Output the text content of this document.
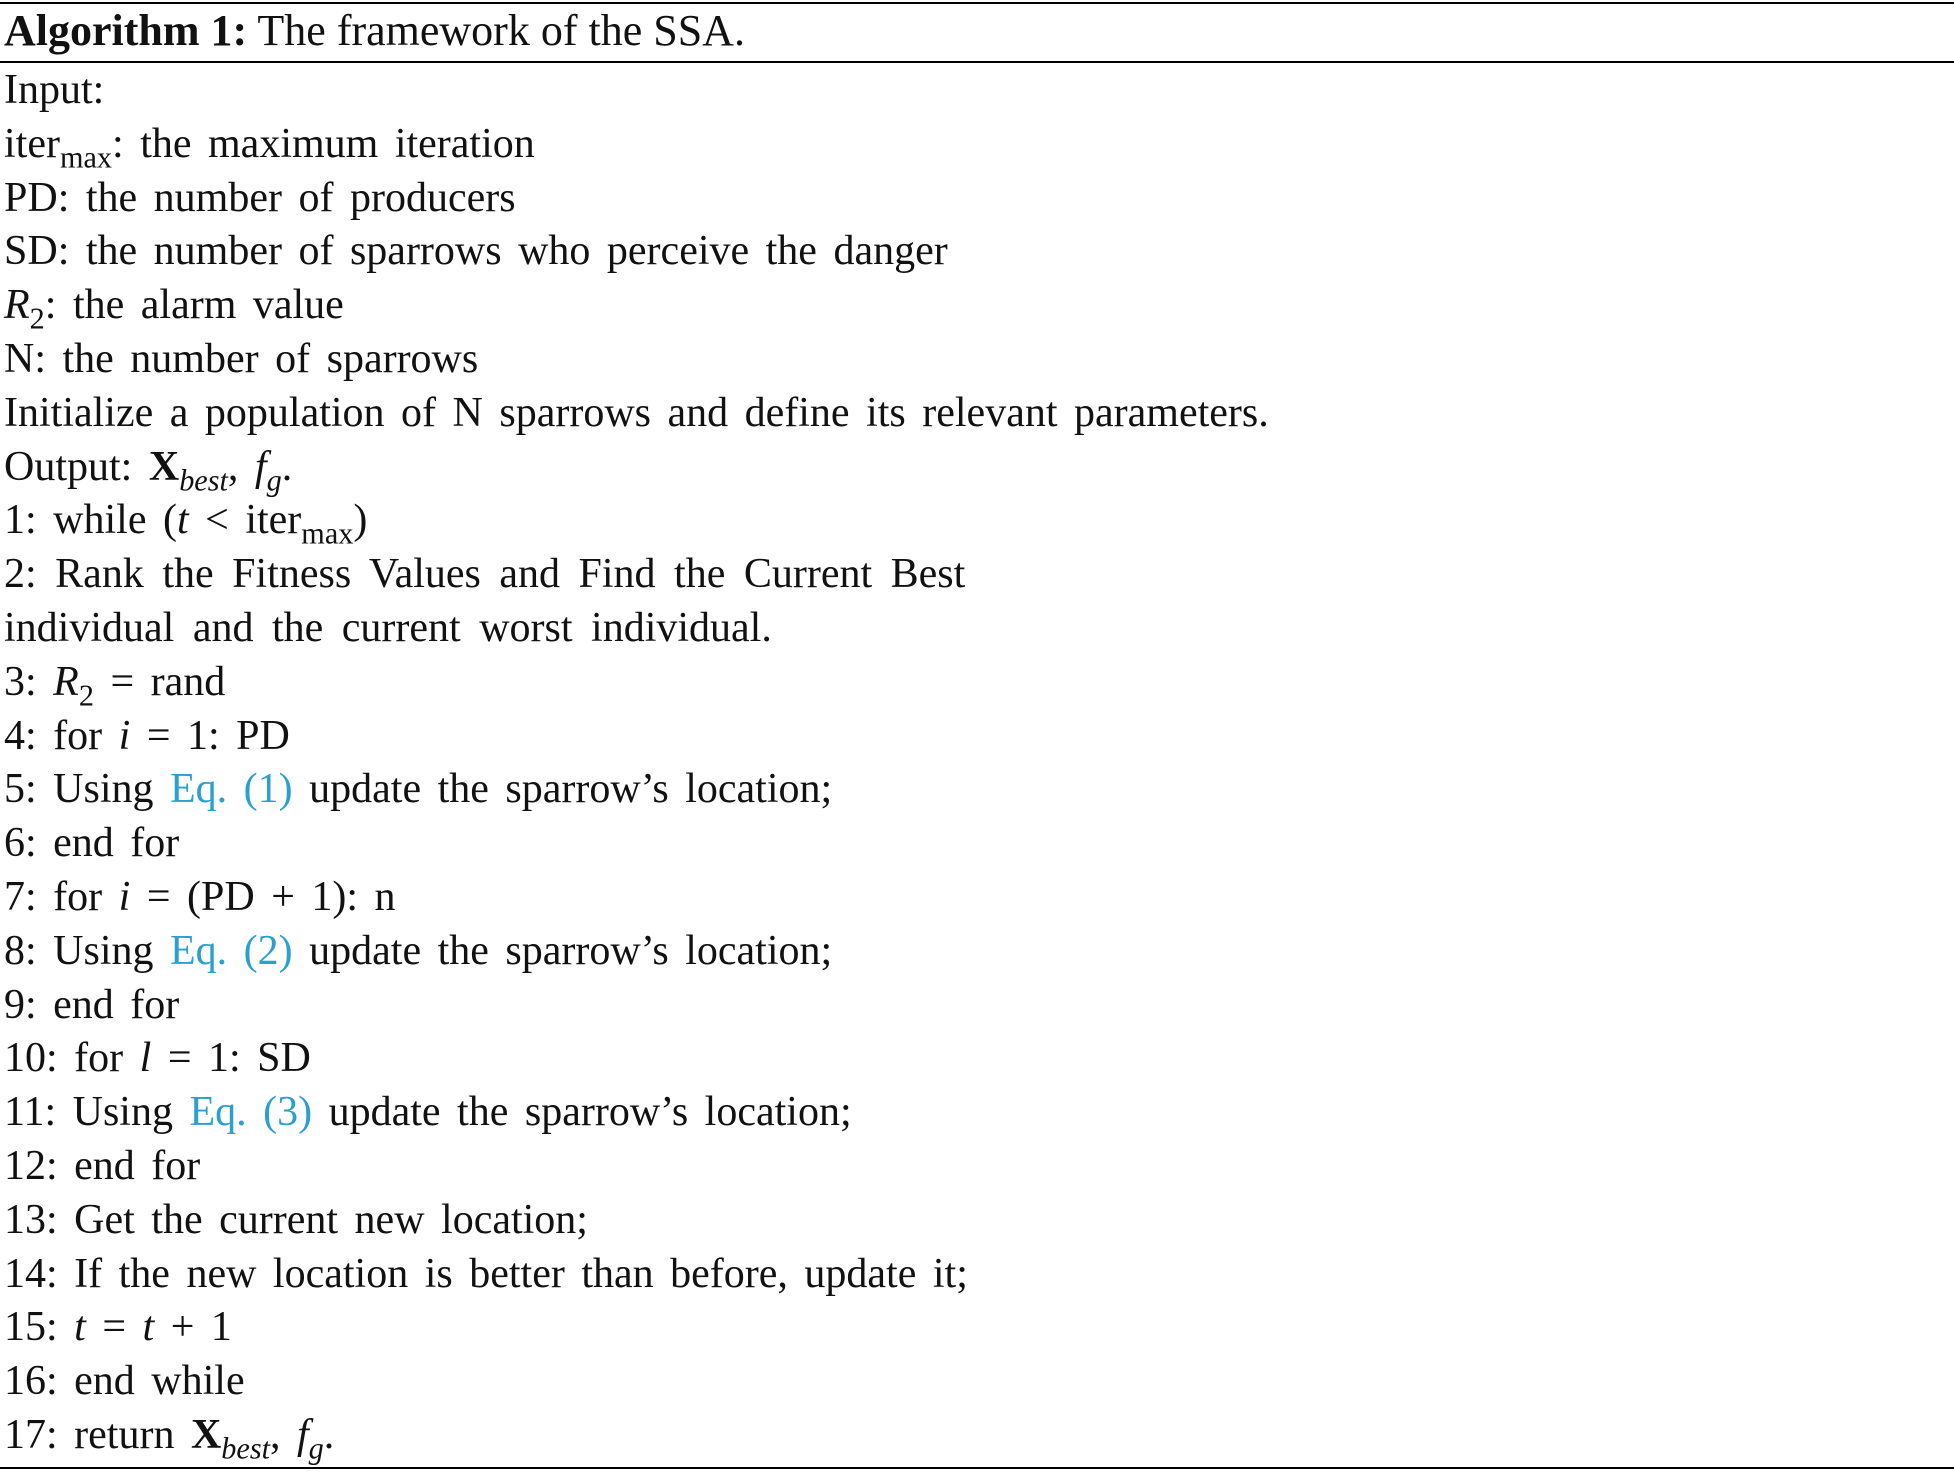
Algorithm 1: The framework of the SSA.
Input:
iter$_{max}$: the maximum iteration
PD: the number of producers
SD: the number of sparrows who perceive the danger
$R_2$: the alarm value
N: the number of sparrows
Initialize a population of N sparrows and define its relevant parameters.
Output: $X_{best}$, $f_g$.
1: while (t < iter$_{max}$)
2: Rank the Fitness Values and Find the Current Best individual and the current worst individual.
3: $R_2$ = rand
4: for i = 1: PD
5: Using Eq. (1) update the sparrow’s location;
6: end for
7: for i = (PD + 1): n
8: Using Eq. (2) update the sparrow’s location;
9: end for
10: for l = 1: SD
11: Using Eq. (3) update the sparrow’s location;
12: end for
13: Get the current new location;
14: If the new location is better than before, update it;
15: t = t + 1
16: end while
17: return $X_{best}$, $f_g$.
